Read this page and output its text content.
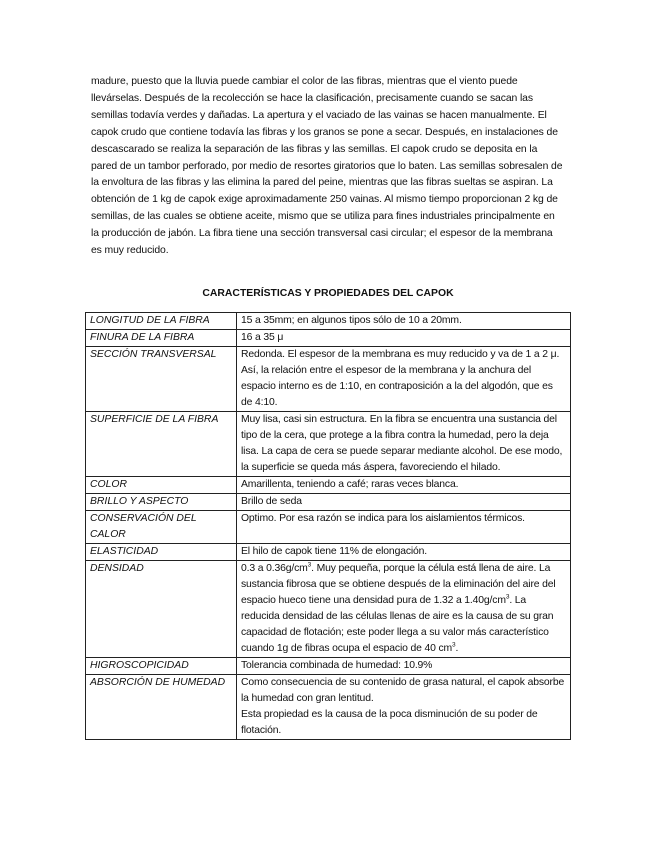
madure, puesto que la lluvia puede cambiar el color de las fibras, mientras que el viento puede llevárselas. Después de la recolección se hace la clasificación, precisamente cuando se sacan las semillas todavía verdes y dañadas. La apertura y el vaciado de las vainas se hacen manualmente. El capok crudo que contiene todavía las fibras y los granos se pone a secar. Después, en instalaciones de descascarado se realiza la separación de las fibras y las semillas. El capok crudo se deposita en la pared de un tambor perforado, por medio de resortes giratorios que lo baten. Las semillas sobresalen de la envoltura de las fibras y las elimina la pared del peine, mientras que las fibras sueltas se aspiran. La obtención de 1 kg de capok exige aproximadamente 250 vainas. Al mismo tiempo proporcionan 2 kg de semillas, de las cuales se obtiene aceite, mismo que se utiliza para fines industriales principalmente en la producción de jabón. La fibra tiene una sección transversal casi circular; el espesor de la membrana es muy reducido.

CARACTERÍSTICAS Y PROPIEDADES DEL CAPOK
LONGITUD DE LA FIBRA	15 a 35mm; en algunos tipos sólo de 10 a 20mm.
FINURA DE LA FIBRA	16 a 35 μ
SECCIÓN TRANSVERSAL	Redonda. El espesor de la membrana es muy reducido y va de 1 a 2 μ. Así, la relación entre el espesor de la membrana y la anchura del espacio interno es de 1:10, en contraposición a la del algodón, que es de 4:10.
SUPERFICIE DE LA FIBRA	Muy lisa, casi sin estructura. En la fibra se encuentra una sustancia del tipo de la cera, que protege a la fibra contra la humedad, pero la deja lisa. La capa de cera se puede separar mediante alcohol. De ese modo, la superficie se queda más áspera, favoreciendo el hilado.
COLOR	Amarillenta, teniendo a café; raras veces blanca.
BRILLO Y ASPECTO	Brillo de seda
CONSERVACIÓN DEL CALOR	Optimo. Por esa razón se indica para los aislamientos térmicos.
ELASTICIDAD	El hilo de capok tiene 11% de elongación.
DENSIDAD	0.3 a $0.36g/cm^3$. Muy pequeña, porque la célula está llena de aire. La sustancia fibrosa que se obtiene después de la eliminación del aire del espacio hueco tiene una densidad pura de 1.32 a $1.40g/cm^3$. La reducida densidad de las células llenas de aire es la causa de su gran capacidad de flotación; este poder llega a su valor más característico cuando 1g de fibras ocupa el espacio de 40 $cm^3$.
HIGROSCOPICIDAD	Tolerancia combinada de humedad: 10.9%
ABSORCIÓN DE HUMEDAD	Como consecuencia de su contenido de grasa natural, el capok absorbe la humedad con gran lentitud.
Esta propiedad es la causa de la poca disminución de su poder de flotación.
